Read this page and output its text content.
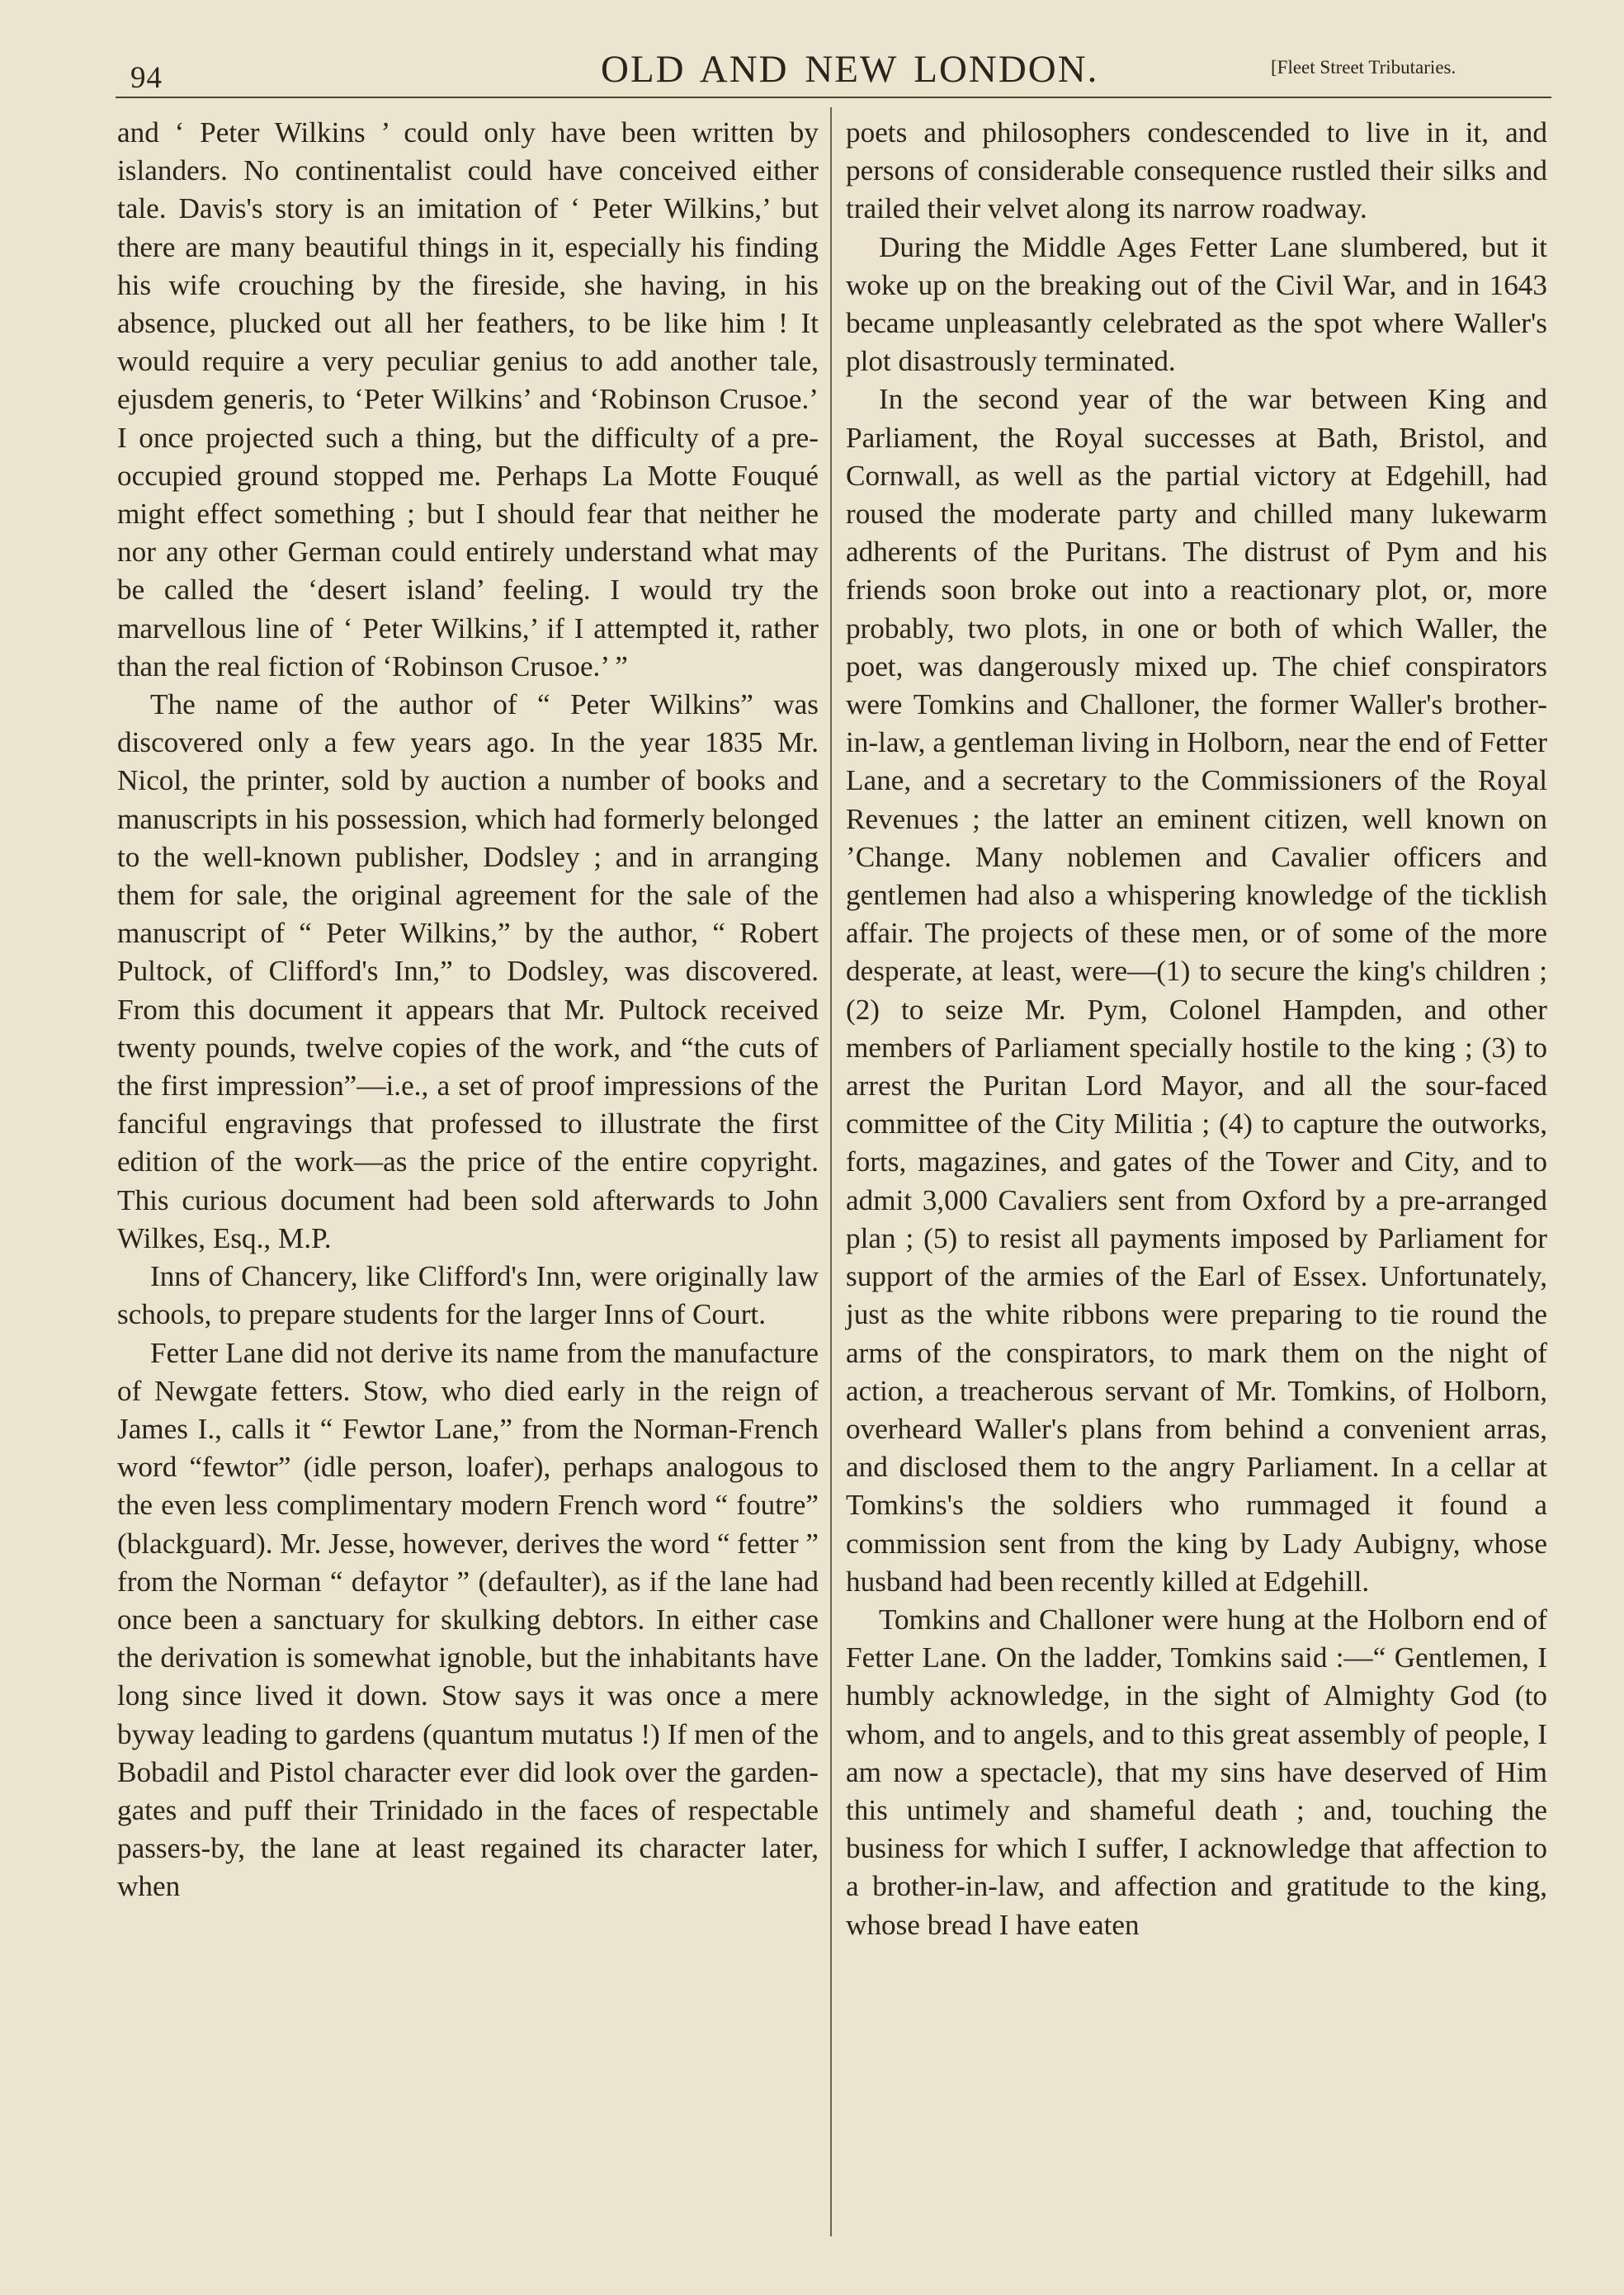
94	OLD AND NEW LONDON.	[Fleet Street Tributaries.

and ‘ Peter Wilkins ’ could only have been written by islanders. No continentalist could have conceived either tale. Davis's story is an imitation of ‘ Peter Wilkins,’ but there are many beautiful things in it, especially his finding his wife crouching by the fireside, she having, in his absence, plucked out all her feathers, to be like him ! It would require a very peculiar genius to add another tale, ejusdem generis, to ‘Peter Wilkins’ and ‘Robinson Crusoe.’ I once projected such a thing, but the difficulty of a pre-occupied ground stopped me. Perhaps La Motte Fouqué might effect something ; but I should fear that neither he nor any other German could entirely understand what may be called the ‘desert island’ feeling. I would try the marvellous line of ‘ Peter Wilkins,’ if I attempted it, rather than the real fiction of ‘Robinson Crusoe.’ ”

The name of the author of “ Peter Wilkins” was discovered only a few years ago. In the year 1835 Mr. Nicol, the printer, sold by auction a number of books and manuscripts in his possession, which had formerly belonged to the well-known publisher, Dodsley ; and in arranging them for sale, the original agreement for the sale of the manuscript of “ Peter Wilkins,” by the author, “ Robert Pultock, of Clifford's Inn,” to Dodsley, was discovered. From this document it appears that Mr. Pultock received twenty pounds, twelve copies of the work, and “the cuts of the first impression”—i.e., a set of proof impressions of the fanciful engravings that professed to illustrate the first edition of the work—as the price of the entire copyright. This curious document had been sold afterwards to John Wilkes, Esq., M.P.

Inns of Chancery, like Clifford's Inn, were originally law schools, to prepare students for the larger Inns of Court.

Fetter Lane did not derive its name from the manufacture of Newgate fetters. Stow, who died early in the reign of James I., calls it “ Fewtor Lane,” from the Norman-French word “fewtor” (idle person, loafer), perhaps analogous to the even less complimentary modern French word “ foutre” (blackguard). Mr. Jesse, however, derives the word “ fetter ” from the Norman “ defaytor ” (defaulter), as if the lane had once been a sanctuary for skulking debtors. In either case the derivation is somewhat ignoble, but the inhabitants have long since lived it down. Stow says it was once a mere byway leading to gardens (quantum mutatus !) If men of the Bobadil and Pistol character ever did look over the garden-gates and puff their Trinidado in the faces of respectable passers-by, the lane at least regained its character later, when

poets and philosophers condescended to live in it, and persons of considerable consequence rustled their silks and trailed their velvet along its narrow roadway.

During the Middle Ages Fetter Lane slumbered, but it woke up on the breaking out of the Civil War, and in 1643 became unpleasantly celebrated as the spot where Waller's plot disastrously terminated.

In the second year of the war between King and Parliament, the Royal successes at Bath, Bristol, and Cornwall, as well as the partial victory at Edgehill, had roused the moderate party and chilled many lukewarm adherents of the Puritans. The distrust of Pym and his friends soon broke out into a reactionary plot, or, more probably, two plots, in one or both of which Waller, the poet, was dangerously mixed up. The chief conspirators were Tomkins and Challoner, the former Waller's brother-in-law, a gentleman living in Holborn, near the end of Fetter Lane, and a secretary to the Commissioners of the Royal Revenues ; the latter an eminent citizen, well known on ’Change. Many noblemen and Cavalier officers and gentlemen had also a whispering knowledge of the ticklish affair. The projects of these men, or of some of the more desperate, at least, were—(1) to secure the king's children ; (2) to seize Mr. Pym, Colonel Hampden, and other members of Parliament specially hostile to the king ; (3) to arrest the Puritan Lord Mayor, and all the sour-faced committee of the City Militia ; (4) to capture the outworks, forts, magazines, and gates of the Tower and City, and to admit 3,000 Cavaliers sent from Oxford by a pre-arranged plan ; (5) to resist all payments imposed by Parliament for support of the armies of the Earl of Essex. Unfortunately, just as the white ribbons were preparing to tie round the arms of the conspirators, to mark them on the night of action, a treacherous servant of Mr. Tomkins, of Holborn, overheard Waller's plans from behind a convenient arras, and disclosed them to the angry Parliament. In a cellar at Tomkins's the soldiers who rummaged it found a commission sent from the king by Lady Aubigny, whose husband had been recently killed at Edgehill.

Tomkins and Challoner were hung at the Holborn end of Fetter Lane. On the ladder, Tomkins said :—“ Gentlemen, I humbly acknowledge, in the sight of Almighty God (to whom, and to angels, and to this great assembly of people, I am now a spectacle), that my sins have deserved of Him this untimely and shameful death ; and, touching the business for which I suffer, I acknowledge that affection to a brother-in-law, and affection and gratitude to the king, whose bread I have eaten
